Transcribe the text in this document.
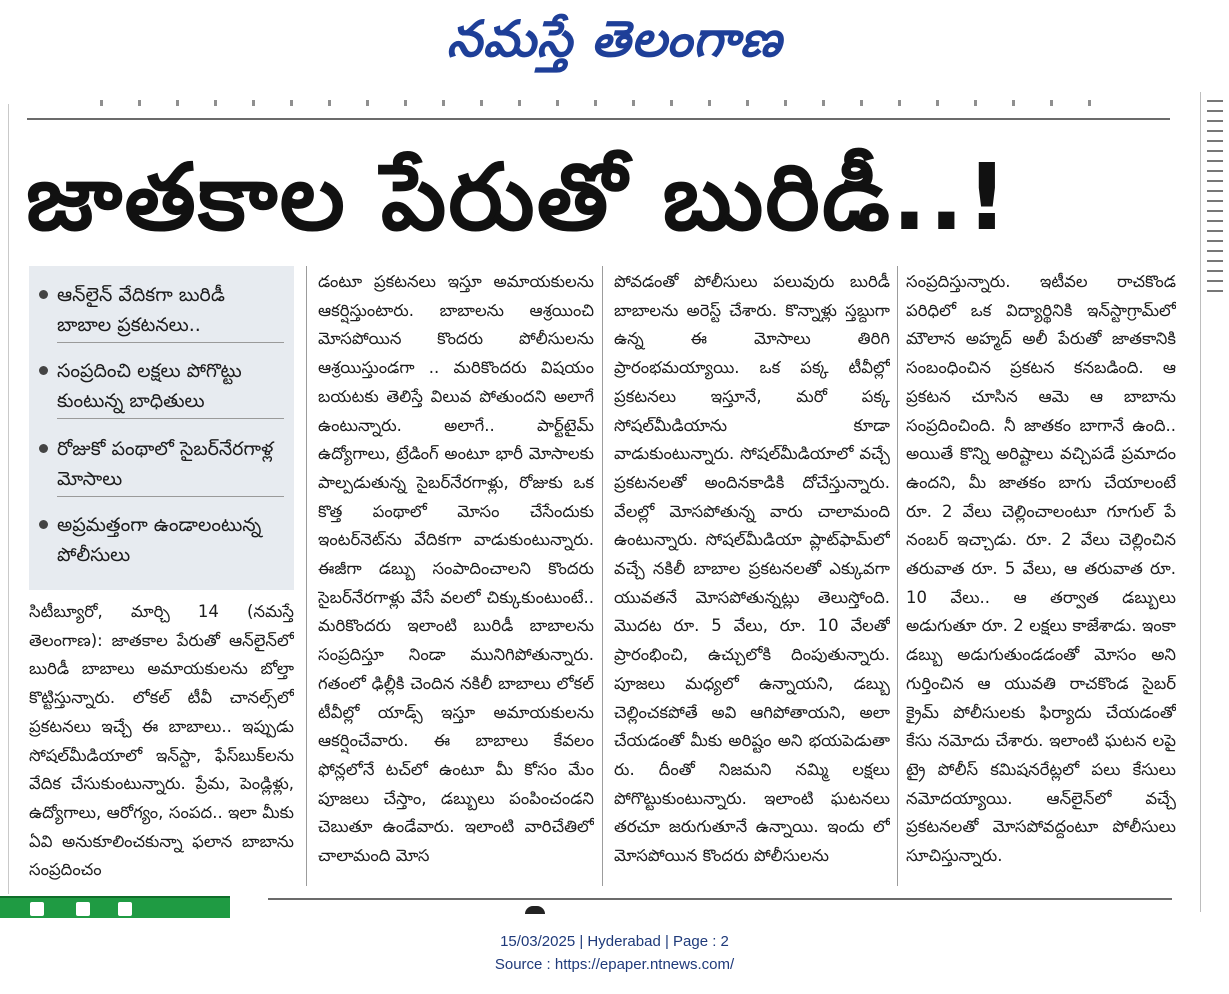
నమస్తే తెలంగాణ
జాతకాల పేరుతో బురిడీ..!
ఆన్‌లైన్ వేదికగా బురిడీ బాబాల ప్రకటనలు..
సంప్రదించి లక్షలు పోగొట్టు కుంటున్న బాధితులు
రోజుకో పంథాలో సైబర్‌నేరగాళ్ల మోసాలు
అప్రమత్తంగా ఉండాలంటున్న పోలీసులు

సిటీబ్యూరో, మార్చి 14 (నమస్తే తెలంగాణ): జాతకాల పేరుతో ఆన్‌లైన్‌లో బురిడీ బాబాలు అమాయకులను బోల్తా కొట్టిస్తున్నారు. లోకల్ టీవీ చానల్స్‌లో ప్రకటనలు ఇచ్చే ఈ బాబాలు.. ఇప్పుడు సోషల్‌మీడియాలో ఇన్‌స్టా, ఫేస్‌బుక్‌లను వేదిక చేసుకుంటున్నారు. ప్రేమ, పెండ్లిళ్లు, ఉద్యోగాలు, ఆరోగ్యం, సంపద.. ఇలా మీకు ఏవి అనుకూలించకున్నా ఫలాన బాబాను సంప్రదించం

డంటూ ప్రకటనలు ఇస్తూ అమాయకులను ఆకర్షిస్తుంటారు. బాబాలను ఆశ్రయించి మోసపోయిన కొందరు పోలీసులను ఆశ్రయిస్తుండగా .. మరికొందరు విషయం బయటకు తెలిస్తే విలువ పోతుందని అలాగే ఉంటున్నారు. అలాగే.. పార్ట్‌టైమ్ ఉద్యోగాలు, ట్రేడింగ్ అంటూ భారీ మోసాలకు పాల్పడుతున్న సైబర్‌నేరగాళ్లు, రోజుకు ఒక కొత్త పంథాలో మోసం చేసేందుకు ఇంటర్‌నెట్‌ను వేదికగా వాడుకుంటున్నారు. ఈజీగా డబ్బు సంపాదించాలని కొందరు సైబర్‌నేరగాళ్లు వేసే వలలో చిక్కుకుంటుంటే.. మరికొందరు ఇలాంటి బురిడీ బాబాలను సంప్రదిస్తూ నిండా మునిగిపోతున్నారు. గతంలో ఢిల్లీకి చెందిన నకిలీ బాబాలు లోకల్ టీవీల్లో యాడ్స్ ఇస్తూ అమాయకులను ఆకర్షించేవారు. ఈ బాబాలు కేవలం ఫోన్లలోనే టచ్‌లో ఉంటూ మీ కోసం మేం పూజలు చేస్తాం, డబ్బులు పంపించండని చెబుతూ ఉండేవారు. ఇలాంటి వారిచేతిలో చాలామంది మోస

పోవడంతో పోలీసులు పలువురు బురిడీ బాబాలను అరెస్ట్ చేశారు. కొన్నాళ్లు స్తబ్దుగా ఉన్న ఈ మోసాలు తిరిగి ప్రారంభమయ్యాయి. ఒక పక్క టీవీల్లో ప్రకటనలు ఇస్తూనే, మరో పక్క సోషల్‌మీడియాను కూడా వాడుకుంటున్నారు. సోషల్‌మీడియాలో వచ్చే ప్రకటనలతో అందినకాడికి దోచేస్తున్నారు. వేలల్లో మోసపోతున్న వారు చాలామంది ఉంటున్నారు. సోషల్‌మీడియా ప్లాట్‌ఫామ్‌లో వచ్చే నకిలీ బాబాల ప్రకటనలతో ఎక్కువగా యువతనే మోసపోతున్నట్లు తెలుస్తోంది. మొదట రూ. 5 వేలు, రూ. 10 వేలతో ప్రారంభించి, ఉచ్చులోకి దింపుతున్నారు. పూజలు మధ్యలో ఉన్నాయని, డబ్బు చెల్లించకపోతే అవి ఆగిపోతాయని, అలా చేయడంతో మీకు అరిష్టం అని భయపెడుతా రు. దీంతో నిజమని నమ్మి లక్షలు పోగొట్టుకుంటున్నారు. ఇలాంటి ఘటనలు తరచూ జరుగుతూనే ఉన్నాయి. ఇందు లో మోసపోయిన కొందరు పోలీసులను

సంప్రదిస్తున్నారు. ఇటీవల రాచకొండ పరిధిలో ఒక విద్యార్థినికి ఇన్‌స్టాగ్రామ్‌లో మౌలాన అహ్మద్ అలీ పేరుతో జాతకానికి సంబంధించిన ప్రకటన కనబడింది. ఆ ప్రకటన చూసిన ఆమె ఆ బాబాను సంప్రదించింది. నీ జాతకం బాగానే ఉంది.. అయితే కొన్ని అరిష్టాలు వచ్చిపడే ప్రమాదం ఉందని, మీ జాతకం బాగు చేయాలంటే రూ. 2 వేలు చెల్లించాలంటూ గూగుల్ పే నంబర్ ఇచ్చాడు. రూ. 2 వేలు చెల్లించిన తరువాత రూ. 5 వేలు, ఆ తరువాత రూ. 10 వేలు.. ఆ తర్వాత డబ్బులు అడుగుతూ రూ. 2 లక్షలు కాజేశాడు. ఇంకా డబ్బు అడుగుతుండడంతో మోసం అని గుర్తించిన ఆ యువతి రాచకొండ సైబర్ క్రైమ్ పోలీసులకు ఫిర్యాదు చేయడంతో కేసు నమోదు చేశారు. ఇలాంటి ఘటన లపై ట్రై పోలీస్ కమిషనరేట్లలో పలు కేసులు నమోదయ్యాయి. ఆన్‌లైన్‌లో వచ్చే ప్రకటనలతో మోసపోవద్దంటూ పోలీసులు సూచిస్తున్నారు.

15/03/2025 | Hyderabad | Page : 2
Source : https://epaper.ntnews.com/
